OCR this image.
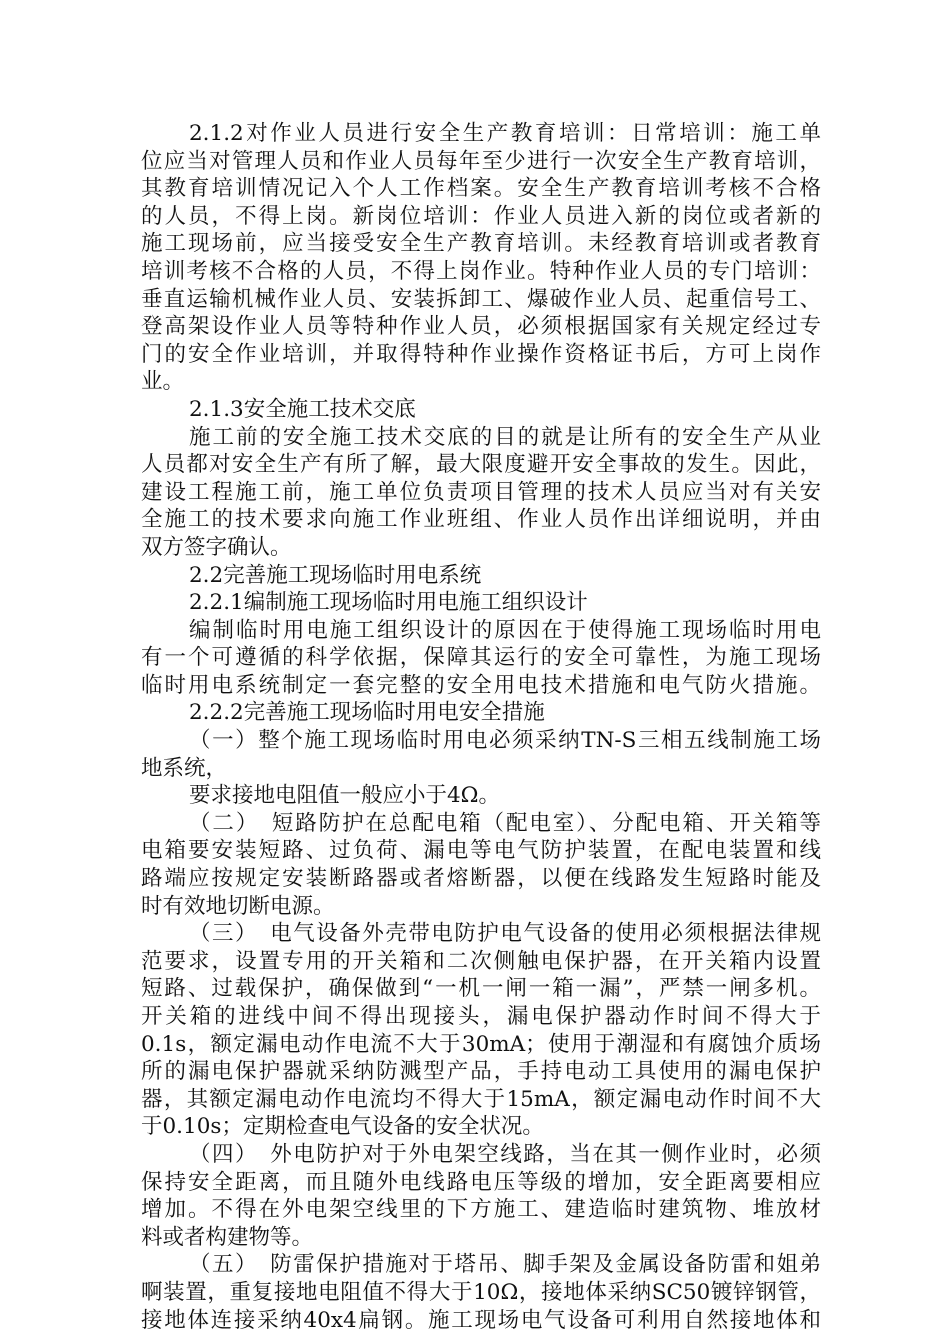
2.1.2对作业人员进行安全生产教育培训：日常培训：施工单
位应当对管理人员和作业人员每年至少进行一次安全生产教育培训，
其教育培训情况记入个人工作档案。安全生产教育培训考核不合格
的人员，不得上岗。新岗位培训：作业人员进入新的岗位或者新的
施工现场前，应当接受安全生产教育培训。未经教育培训或者教育
培训考核不合格的人员，不得上岗作业。特种作业人员的专门培训：
垂直运输机械作业人员、安装拆卸工、爆破作业人员、起重信号工、
登高架设作业人员等特种作业人员，必须根据国家有关规定经过专
门的安全作业培训，并取得特种作业操作资格证书后，方可上岗作
业。
2.1.3安全施工技术交底
施工前的安全施工技术交底的目的就是让所有的安全生产从业
人员都对安全生产有所了解，最大限度避开安全事故的发生。因此，
建设工程施工前，施工单位负责项目管理的技术人员应当对有关安
全施工的技术要求向施工作业班组、作业人员作出详细说明，并由
双方签字确认。
2.2完善施工现场临时用电系统
2.2.1编制施工现场临时用电施工组织设计
编制临时用电施工组织设计的原因在于使得施工现场临时用电
有一个可遵循的科学依据，保障其运行的安全可靠性，为施工现场
临时用电系统制定一套完整的安全用电技术措施和电气防火措施。
2.2.2完善施工现场临时用电安全措施
（一）整个施工现场临时用电必须采纳TN-S三相五线制施工场
地系统，
要求接地电阻值一般应小于4Ω。
（二）　短路防护在总配电箱（配电室）、分配电箱、开关箱等
电箱要安装短路、过负荷、漏电等电气防护装置，在配电装置和线
路端应按规定安装断路器或者熔断器，以便在线路发生短路时能及
时有效地切断电源。
（三）　电气设备外壳带电防护电气设备的使用必须根据法律规
范要求，设置专用的开关箱和二次侧触电保护器，在开关箱内设置
短路、过载保护，确保做到“一机一闸一箱一漏”，严禁一闸多机。
开关箱的进线中间不得出现接头，漏电保护器动作时间不得大于
0.1s，额定漏电动作电流不大于30mA；使用于潮湿和有腐蚀介质场
所的漏电保护器就采纳防溅型产品，手持电动工具使用的漏电保护
器，其额定漏电动作电流均不得大于15mA，额定漏电动作时间不大
于0.10s；定期检查电气设备的安全状况。
（四）　外电防护对于外电架空线路，当在其一侧作业时，必须
保持安全距离，而且随外电线路电压等级的增加，安全距离要相应
增加。不得在外电架空线里的下方施工、建造临时建筑物、堆放材
料或者构建物等。
（五）　防雷保护措施对于塔吊、脚手架及金属设备防雷和姐弟
啊装置，重复接地电阻值不得大于10Ω，接地体采纳SC50镀锌钢管，
接地体连接采纳40x4扁钢。施工现场电气设备可利用自然接地体和
